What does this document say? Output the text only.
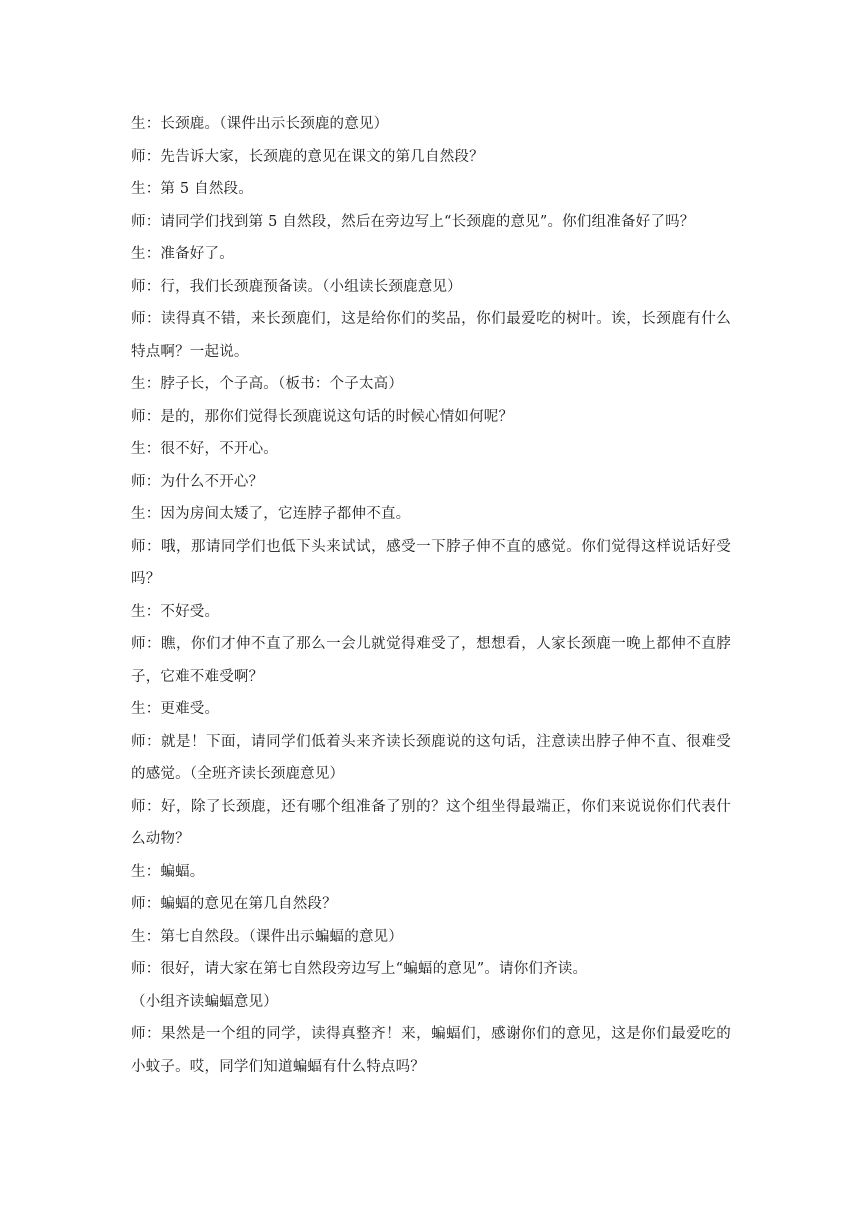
生：长颈鹿。（课件出示长颈鹿的意见）

师：先告诉大家，长颈鹿的意见在课文的第几自然段？

生：第 5 自然段。

师：请同学们找到第 5 自然段，然后在旁边写上“长颈鹿的意见”。你们组准备好了吗？

生：准备好了。

师：行，我们长颈鹿预备读。（小组读长颈鹿意见）

师：读得真不错，来长颈鹿们，这是给你们的奖品，你们最爱吃的树叶。诶，长颈鹿有什么特点啊？一起说。

生：脖子长，个子高。（板书：个子太高）

师：是的，那你们觉得长颈鹿说这句话的时候心情如何呢？

生：很不好，不开心。

师：为什么不开心？

生：因为房间太矮了，它连脖子都伸不直。

师：哦，那请同学们也低下头来试试，感受一下脖子伸不直的感觉。你们觉得这样说话好受吗？

生：不好受。

师：瞧，你们才伸不直了那么一会儿就觉得难受了，想想看，人家长颈鹿一晚上都伸不直脖子，它难不难受啊？

生：更难受。

师：就是！下面，请同学们低着头来齐读长颈鹿说的这句话，注意读出脖子伸不直、很难受的感觉。（全班齐读长颈鹿意见）

师：好，除了长颈鹿，还有哪个组准备了别的？这个组坐得最端正，你们来说说你们代表什么动物？

生：蝙蝠。

师：蝙蝠的意见在第几自然段？

生：第七自然段。（课件出示蝙蝠的意见）

师：很好，请大家在第七自然段旁边写上“蝙蝠的意见”。请你们齐读。

（小组齐读蝙蝠意见）

师：果然是一个组的同学，读得真整齐！来，蝙蝠们，感谢你们的意见，这是你们最爱吃的小蚊子。哎，同学们知道蝙蝠有什么特点吗？
